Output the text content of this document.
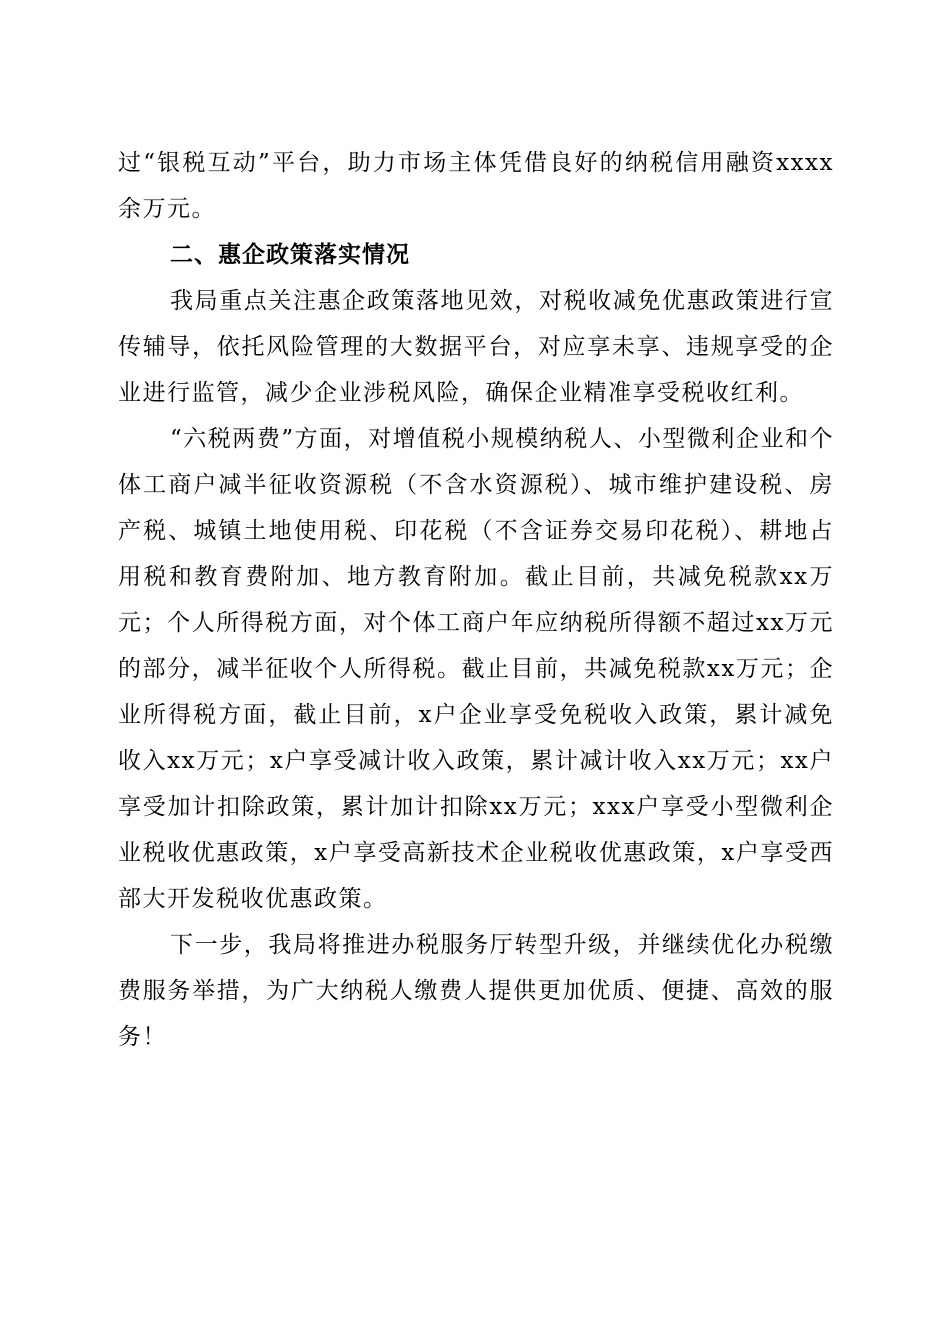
过“银税互动”平台，助力市场主体凭借良好的纳税信用融资xxxx余万元。

二、惠企政策落实情况

我局重点关注惠企政策落地见效，对税收减免优惠政策进行宣传辅导，依托风险管理的大数据平台，对应享未享、违规享受的企业进行监管，减少企业涉税风险，确保企业精准享受税收红利。

“六税两费”方面，对增值税小规模纳税人、小型微利企业和个体工商户减半征收资源税（不含水资源税）、城市维护建设税、房产税、城镇土地使用税、印花税（不含证券交易印花税）、耕地占用税和教育费附加、地方教育附加。截止目前，共减免税款xx万元；个人所得税方面，对个体工商户年应纳税所得额不超过xx万元的部分，减半征收个人所得税。截止目前，共减免税款xx万元；企业所得税方面，截止目前，x户企业享受免税收入政策，累计减免收入xx万元；x户享受减计收入政策，累计减计收入xx万元；xx户享受加计扣除政策，累计加计扣除xx万元；xxx户享受小型微利企业税收优惠政策，x户享受高新技术企业税收优惠政策，x户享受西部大开发税收优惠政策。

下一步，我局将推进办税服务厅转型升级，并继续优化办税缴费服务举措，为广大纳税人缴费人提供更加优质、便捷、高效的服务！
